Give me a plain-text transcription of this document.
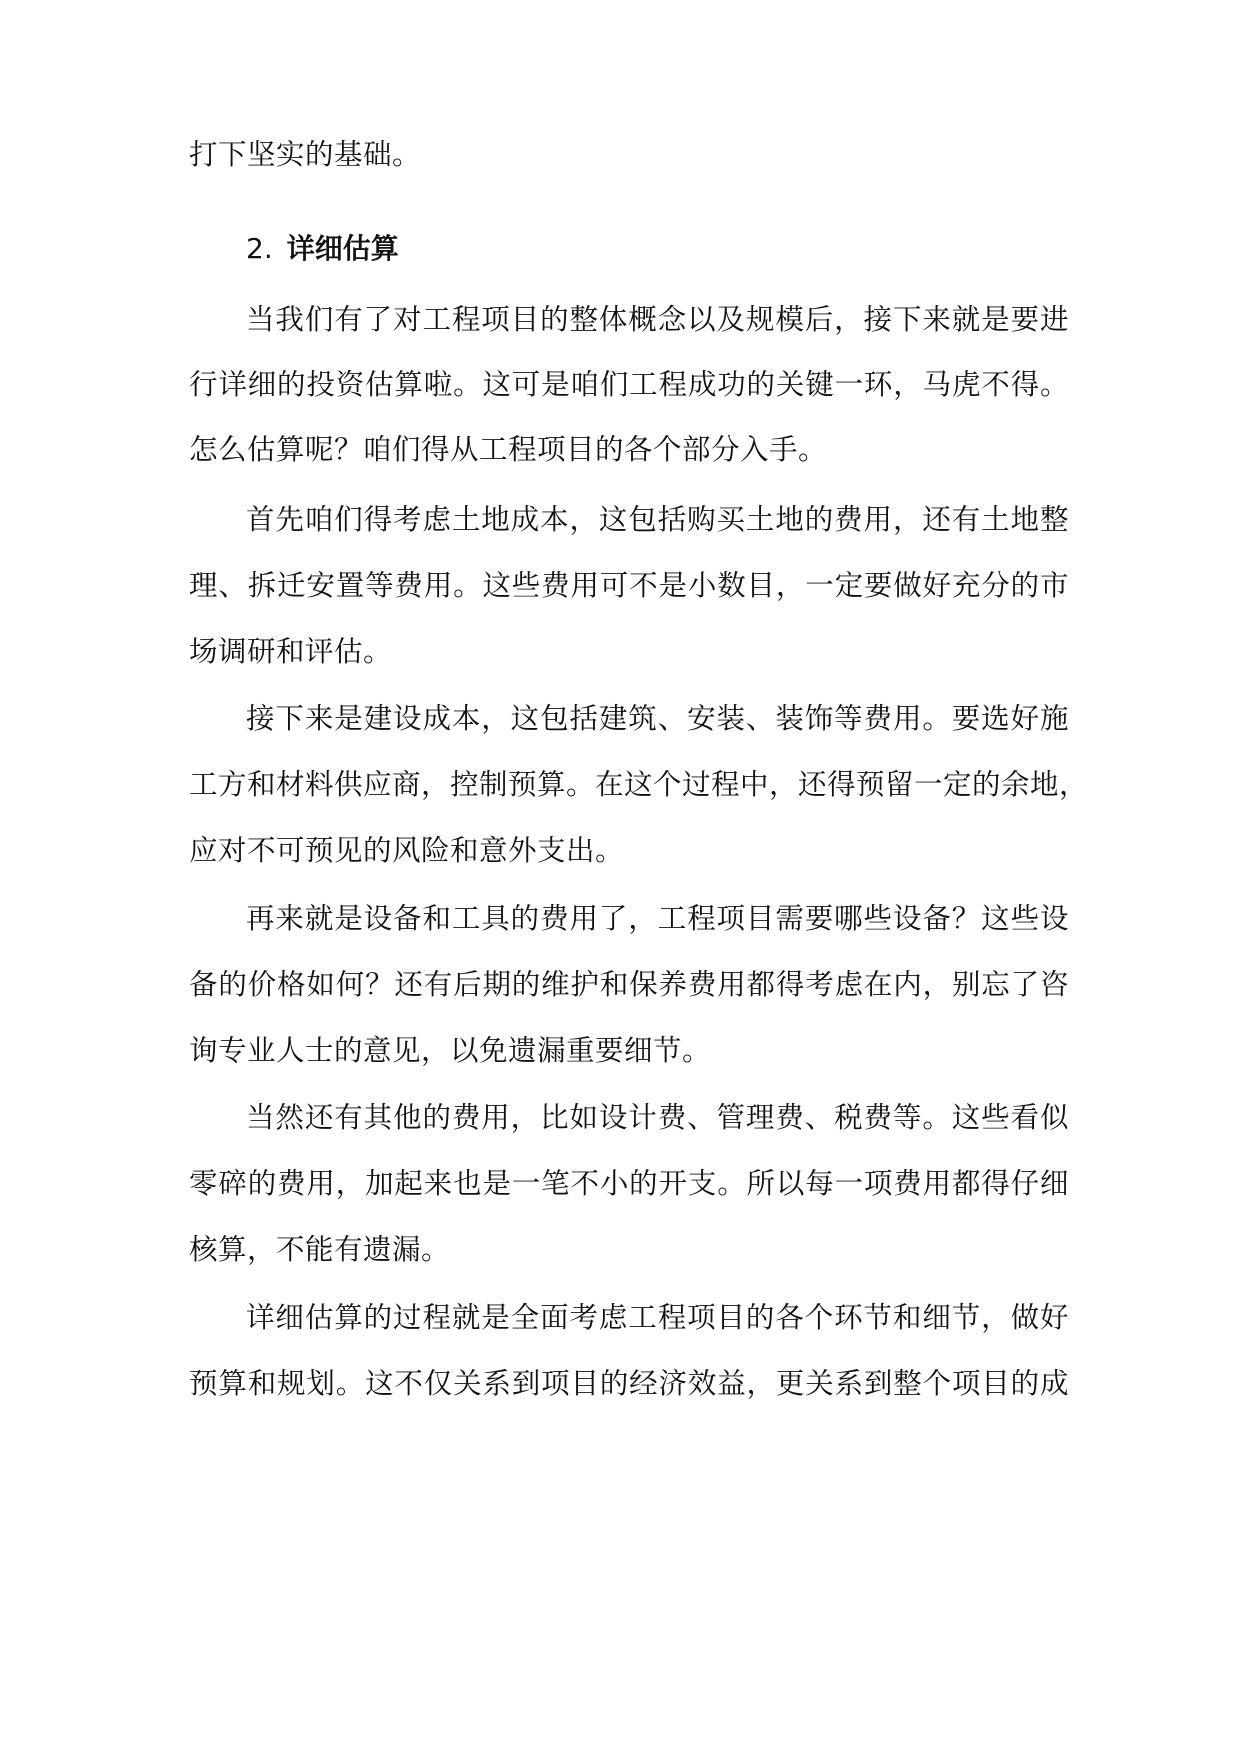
打下坚实的基础。
2. 详细估算
当我们有了对工程项目的整体概念以及规模后，接下来就是要进
行详细的投资估算啦。这可是咱们工程成功的关键一环，马虎不得。
怎么估算呢？咱们得从工程项目的各个部分入手。
首先咱们得考虑土地成本，这包括购买土地的费用，还有土地整
理、拆迁安置等费用。这些费用可不是小数目，一定要做好充分的市
场调研和评估。
接下来是建设成本，这包括建筑、安装、装饰等费用。要选好施
工方和材料供应商，控制预算。在这个过程中，还得预留一定的余地，
应对不可预见的风险和意外支出。
再来就是设备和工具的费用了，工程项目需要哪些设备？这些设
备的价格如何？还有后期的维护和保养费用都得考虑在内，别忘了咨
询专业人士的意见，以免遗漏重要细节。
当然还有其他的费用，比如设计费、管理费、税费等。这些看似
零碎的费用，加起来也是一笔不小的开支。所以每一项费用都得仔细
核算，不能有遗漏。
详细估算的过程就是全面考虑工程项目的各个环节和细节，做好
预算和规划。这不仅关系到项目的经济效益，更关系到整个项目的成
